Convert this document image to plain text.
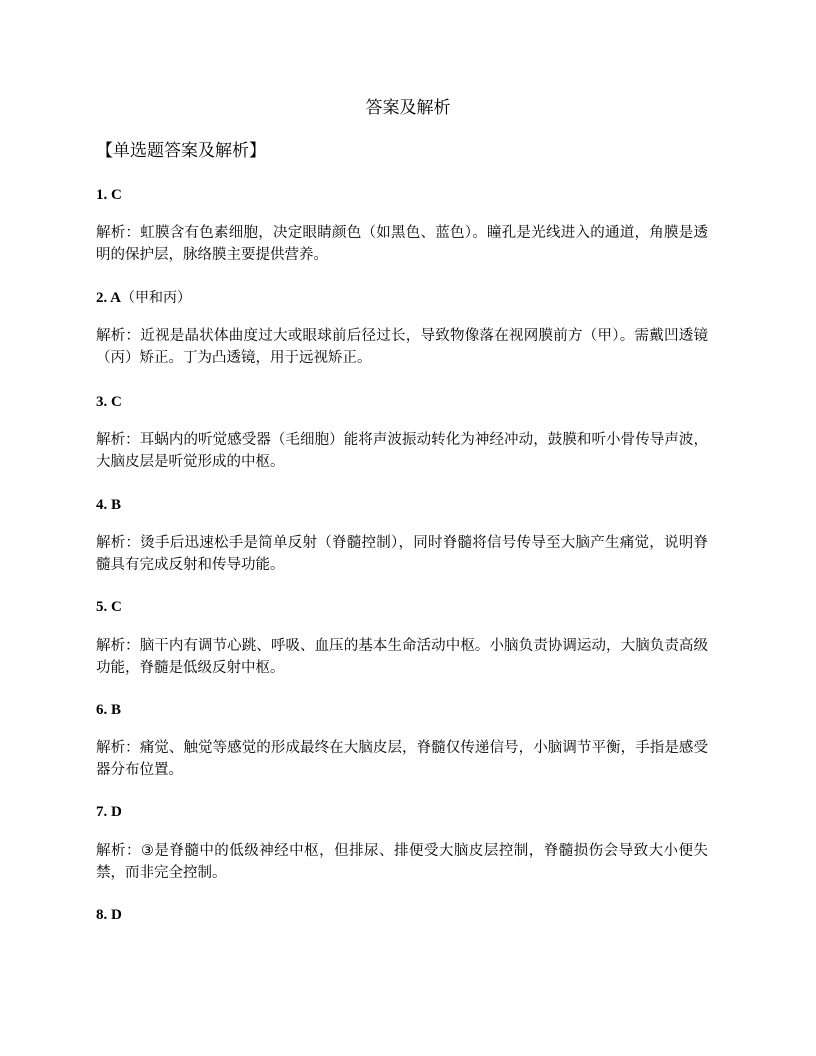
答案及解析
【单选题答案及解析】
1. C
解析：虹膜含有色素细胞，决定眼睛颜色（如黑色、蓝色）。瞳孔是光线进入的通道，角膜是透明的保护层，脉络膜主要提供营养。
2. A（甲和丙）
解析：近视是晶状体曲度过大或眼球前后径过长，导致物像落在视网膜前方（甲）。需戴凹透镜（丙）矫正。丁为凸透镜，用于远视矫正。
3. C
解析：耳蜗内的听觉感受器（毛细胞）能将声波振动转化为神经冲动，鼓膜和听小骨传导声波，大脑皮层是听觉形成的中枢。
4. B
解析：烫手后迅速松手是简单反射（脊髓控制），同时脊髓将信号传导至大脑产生痛觉，说明脊髓具有完成反射和传导功能。
5. C
解析：脑干内有调节心跳、呼吸、血压的基本生命活动中枢。小脑负责协调运动，大脑负责高级功能，脊髓是低级反射中枢。
6. B
解析：痛觉、触觉等感觉的形成最终在大脑皮层，脊髓仅传递信号，小脑调节平衡，手指是感受器分布位置。
7. D
解析：③是脊髓中的低级神经中枢，但排尿、排便受大脑皮层控制，脊髓损伤会导致大小便失禁，而非完全控制。
8. D
